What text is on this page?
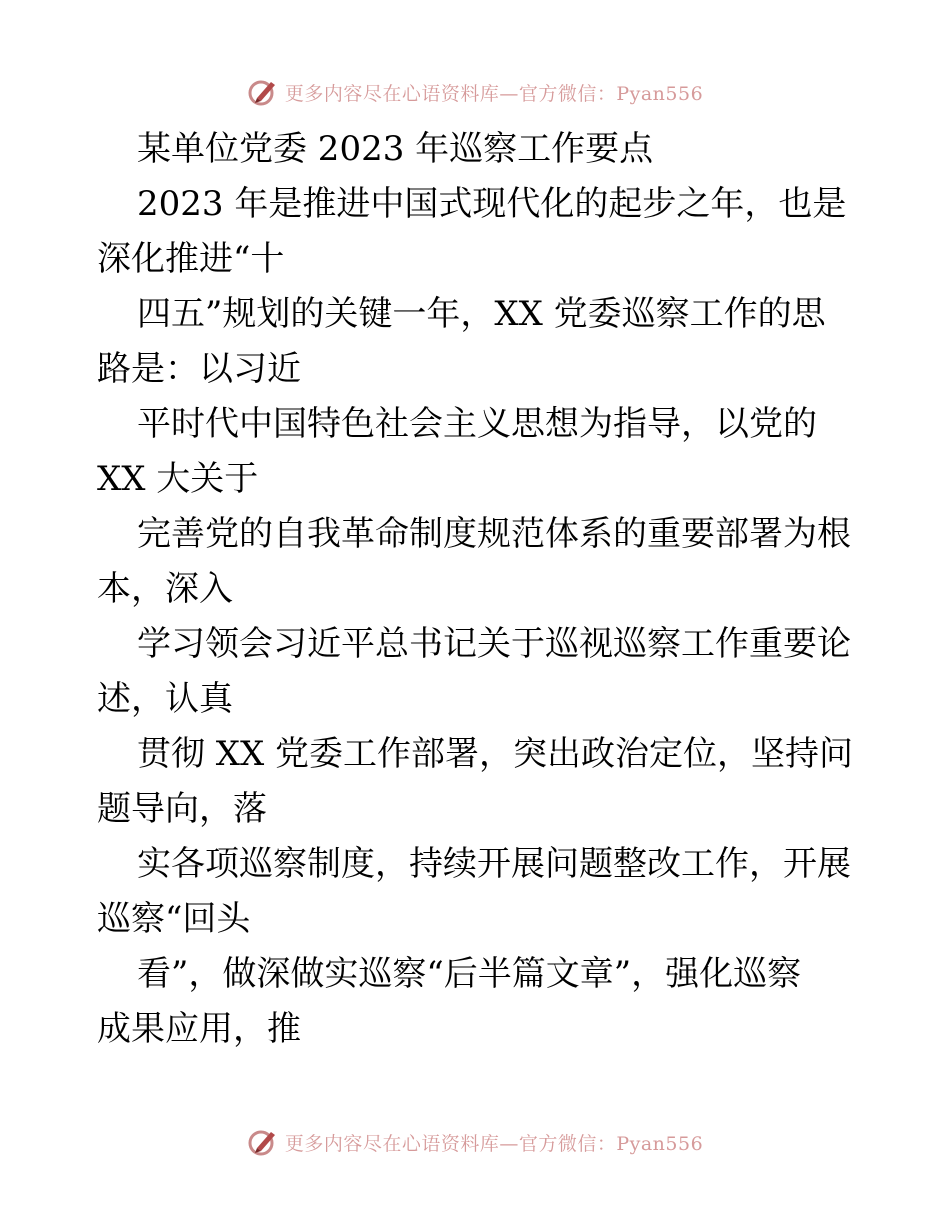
更多内容尽在心语资料库—官方微信：Pyan556
某单位党委 2023 年巡察工作要点
2023 年是推进中国式现代化的起步之年，也是
深化推进“十
四五”规划的关键一年，XX 党委巡察工作的思
路是：以习近
平时代中国特色社会主义思想为指导，以党的
XX 大关于
完善党的自我革命制度规范体系的重要部署为根
本，深入
学习领会习近平总书记关于巡视巡察工作重要论
述，认真
贯彻 XX 党委工作部署，突出政治定位，坚持问
题导向，落
实各项巡察制度，持续开展问题整改工作，开展
巡察“回头
看”，做深做实巡察“后半篇文章”，强化巡察
成果应用，推
更多内容尽在心语资料库—官方微信：Pyan556
